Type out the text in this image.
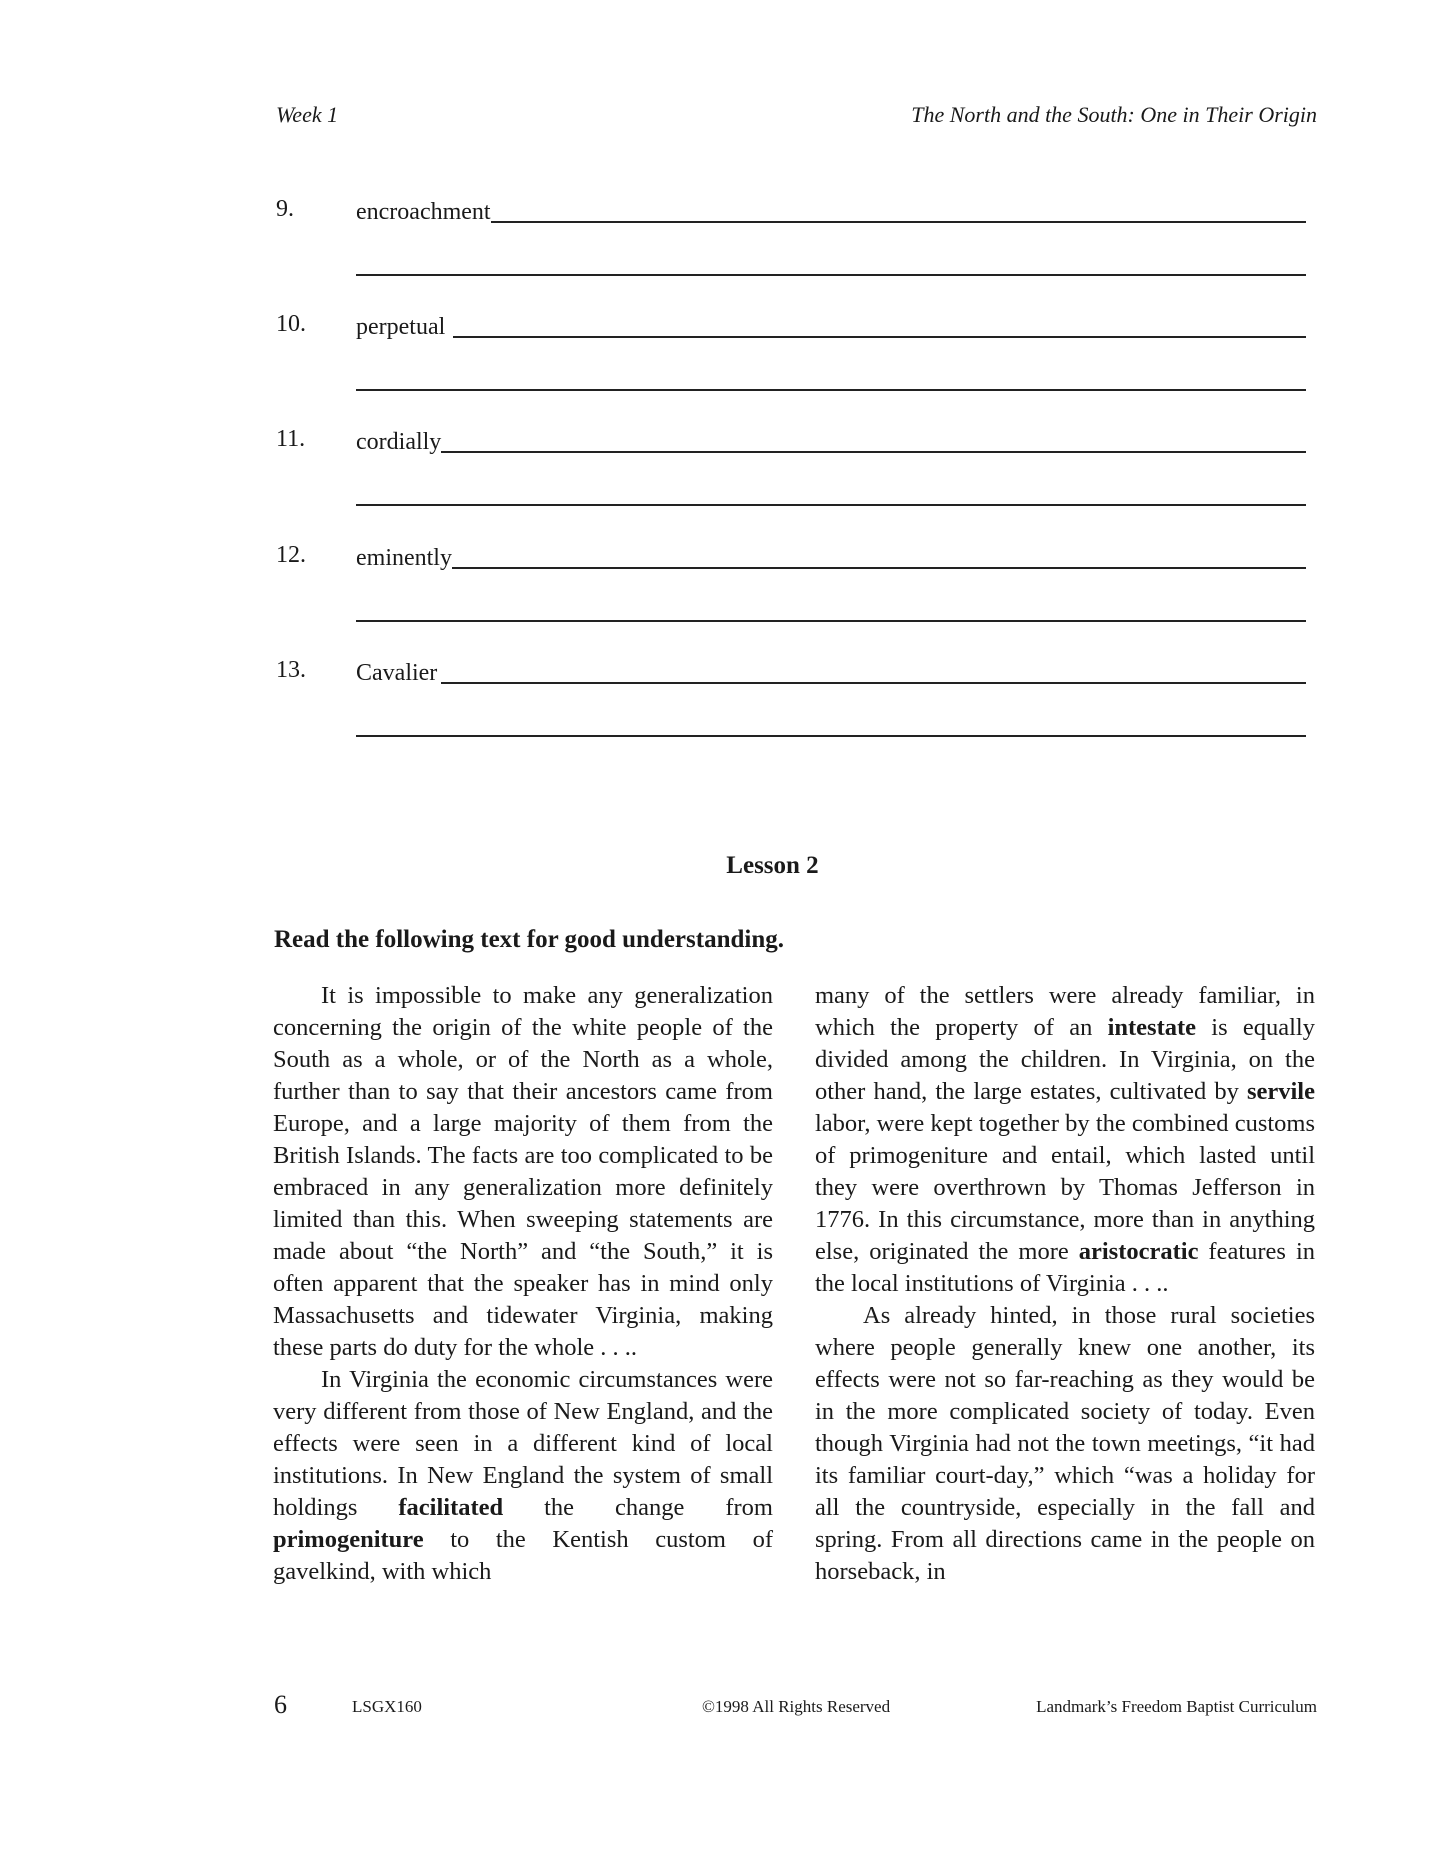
Week 1	The North and the South: One in Their Origin
9.	encroachment
10. perpetual
11. cordially
12. eminently
13. Cavalier
Lesson 2
Read the following text for good understanding.

It is impossible to make any generalization concerning the origin of the white people of the South as a whole, or of the North as a whole, further than to say that their ancestors came from Europe, and a large majority of them from the British Islands. The facts are too complicated to be embraced in any generalization more definitely limited than this. When sweeping statements are made about “the North” and “the South,” it is often apparent that the speaker has in mind only Massachusetts and tidewater Virginia, making these parts do duty for the whole . . ..

In Virginia the economic circumstances were very different from those of New England, and the effects were seen in a different kind of local institutions. In New England the system of small holdings facilitated the change from primogeniture to the Kentish custom of gavelkind, with which

many of the settlers were already familiar, in which the property of an intestate is equally divided among the children. In Virginia, on the other hand, the large estates, cultivated by servile labor, were kept together by the combined customs of primogeniture and entail, which lasted until they were overthrown by Thomas Jefferson in 1776. In this circumstance, more than in anything else, originated the more aristocratic features in the local institutions of Virginia . . ..

As already hinted, in those rural societies where people generally knew one another, its effects were not so far-reaching as they would be in the more complicated society of today. Even though Virginia had not the town meetings, “it had its familiar court-day,” which “was a holiday for all the countryside, especially in the fall and spring. From all directions came in the people on horseback, in

6	LSGX160	©1998 All Rights Reserved	Landmark’s Freedom Baptist Curriculum
